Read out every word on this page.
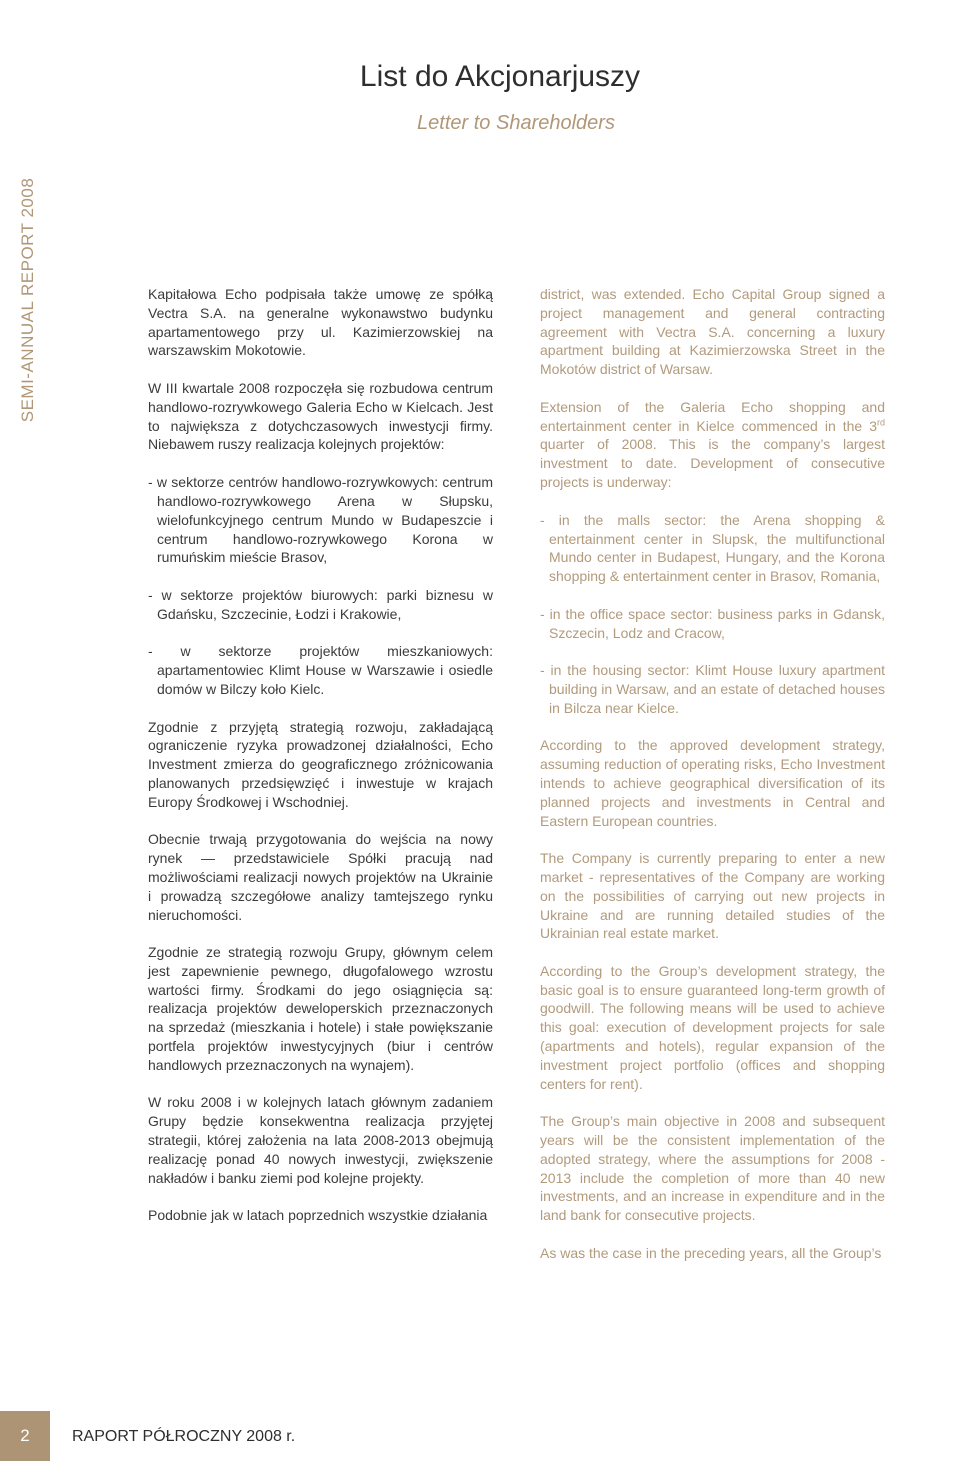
List do Akcjonarjuszy
Letter to Shareholders
SEMI-ANNUAL REPORT 2008	Kapitałowa Echo podpisała także umowę ze spółką Vectra S.A. na generalne wykonawstwo budynku apartamentowego przy ul. Kazimierzowskiej na warszawskim Mokotowie.

W III kwartale 2008 rozpoczęła się rozbudowa centrum handlowo-rozrywkowego Galeria Echo w Kielcach. Jest to największa z dotychczasowych inwestycji firmy. Niebawem ruszy realizacja kolejnych projektów:

- w sektorze centrów handlowo-rozrywkowych: centrum handlowo-rozrywkowego Arena w Słupsku, wielofunkcyjnego centrum Mundo w Budapeszcie i centrum handlowo-rozrywkowego Korona w rumuńskim mieście Brasov,

- w sektorze projektów biurowych: parki biznesu w Gdańsku, Szczecinie, Łodzi i Krakowie,

- w sektorze projektów mieszkaniowych: apartamentowiec Klimt House w Warszawie i osiedle domów w Bilczy koło Kielc.

Zgodnie z przyjętą strategią rozwoju, zakładającą ograniczenie ryzyka prowadzonej działalności, Echo Investment zmierza do geograficznego zróżnicowania planowanych przedsięwzięć i inwestuje w krajach Europy Środkowej i Wschodniej.

Obecnie trwają przygotowania do wejścia na nowy rynek — przedstawiciele Spółki pracują nad możliwościami realizacji nowych projektów na Ukrainie i prowadzą szczegółowe analizy tamtejszego rynku nieruchomości.

Zgodnie ze strategią rozwoju Grupy, głównym celem jest zapewnienie pewnego, długofalowego wzrostu wartości firmy. Środkami do jego osiągnięcia są: realizacja projektów deweloperskich przeznaczonych na sprzedaż (mieszkania i hotele) i stałe powiększanie portfela projektów inwestycyjnych (biur i centrów handlowych przeznaczonych na wynajem).

W roku 2008 i w kolejnych latach głównym zadaniem Grupy będzie konsekwentna realizacja przyjętej strategii, której założenia na lata 2008-2013 obejmują realizację ponad 40 nowych inwestycji, zwiększenie nakładów i banku ziemi pod kolejne projekty.

Podobnie jak w latach poprzednich wszystkie działania

district, was extended. Echo Capital Group signed a project management and general contracting agreement with Vectra S.A. concerning a luxury apartment building at Kazimierzowska Street in the Mokotów district of Warsaw.

Extension of the Galeria Echo shopping and entertainment center in Kielce commenced in the 3rd quarter of 2008. This is the company’s largest investment to date. Development of consecutive projects is underway:

- in the malls sector: the Arena shopping & entertainment center in Slupsk, the multifunctional Mundo center in Budapest, Hungary, and the Korona shopping & entertainment center in Brasov, Romania,

- in the office space sector: business parks in Gdansk, Szczecin, Lodz and Cracow,

- in the housing sector: Klimt House luxury apartment building in Warsaw, and an estate of detached houses in Bilcza near Kielce.

According to the approved development strategy, assuming reduction of operating risks, Echo Investment intends to achieve geographical diversification of its planned projects and investments in Central and Eastern European countries.

The Company is currently preparing to enter a new market - representatives of the Company are working on the possibilities of carrying out new projects in Ukraine and are running detailed studies of the Ukrainian real estate market.

According to the Group’s development strategy, the basic goal is to ensure guaranteed long-term growth of goodwill. The following means will be used to achieve this goal: execution of development projects for sale (apartments and hotels), regular expansion of the investment project portfolio (offices and shopping centers for rent).

The Group’s main objective in 2008 and subsequent years will be the consistent implementation of the adopted strategy, where the assumptions for 2008 - 2013 include the completion of more than 40 new investments, and an increase in expenditure and in the land bank for consecutive projects.

As was the case in the preceding years, all the Group’s

2	RAPORT PÓŁROCZNY 2008 r.
